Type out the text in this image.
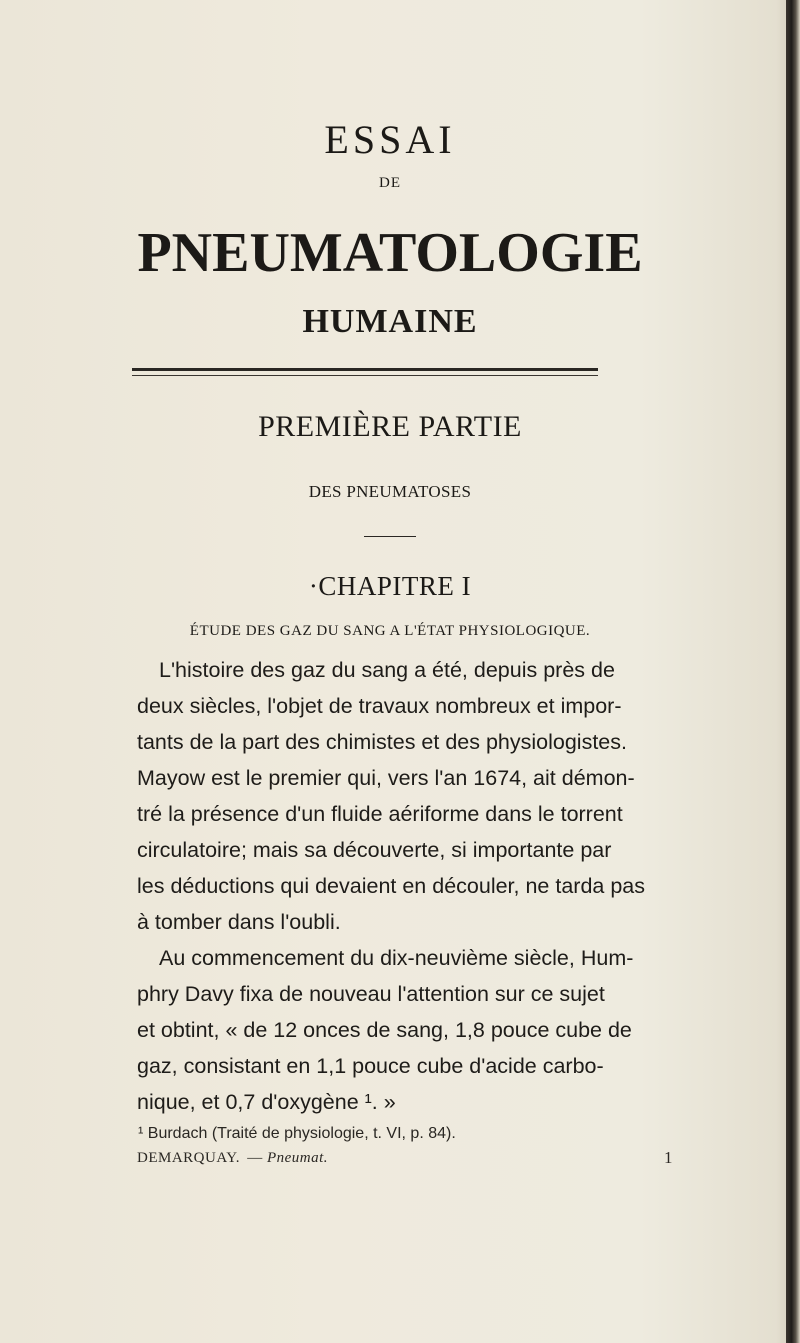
ESSAI
DE
PNEUMATOLOGIE
HUMAINE
PREMIÈRE PARTIE
DES PNEUMATOSES
·CHAPITRE I
ÉTUDE DES GAZ DU SANG A L'ÉTAT PHYSIOLOGIQUE.
L'histoire des gaz du sang a été, depuis près de
deux siècles, l'objet de travaux nombreux et impor-
tants de la part des chimistes et des physiologistes.
Mayow est le premier qui, vers l'an 1674, ait démon-
tré la présence d'un fluide aériforme dans le torrent
circulatoire; mais sa découverte, si importante par
les déductions qui devaient en découler, ne tarda pas
à tomber dans l'oubli.
Au commencement du dix-neuvième siècle, Hum-
phry Davy fixa de nouveau l'attention sur ce sujet
et obtint, « de 12 onces de sang, 1,8 pouce cube de
gaz, consistant en 1,1 pouce cube d'acide carbo-
nique, et 0,7 d'oxygène ¹. »
¹ Burdach (Traité de physiologie, t. VI, p. 84).
DEMARQUAY. — Pneumat.	1
